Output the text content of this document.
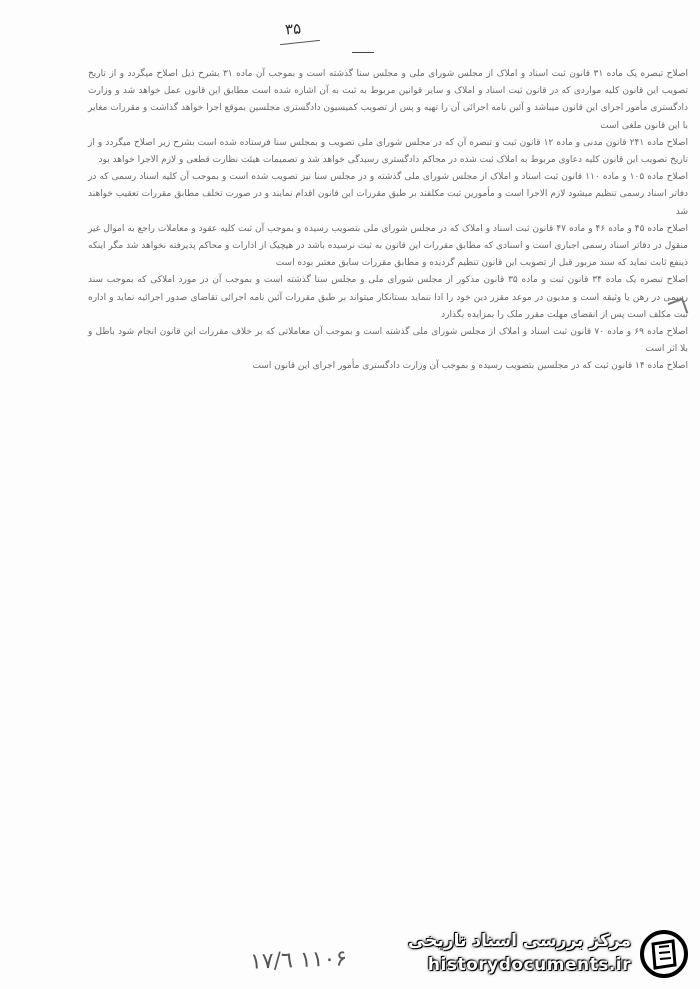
۳۵

اصلاح تبصره یک ماده ۳۱ قانون ثبت اسناد و املاک از مجلس شورای ملی و مجلس سنا گذشته است و بموجب آن ماده ۳۱ بشرح ذیل اصلاح میگردد و از تاریخ تصویب این قانون کلیه مواردی که در قانون ثبت اسناد و املاک و سایر قوانین مربوط به ثبت به آن اشاره شده است مطابق این قانون عمل خواهد شد و وزارت دادگستری مأمور اجرای این قانون میباشد و آئین نامه اجرائی آن را تهیه و پس از تصویب کمیسیون دادگستری مجلسین بموقع اجرا خواهد گذاشت و مقررات مغایر با این قانون ملغی است

اصلاح ماده ۲۴۱ قانون مدنی و ماده ۱۲ قانون ثبت و تبصره آن که در مجلس شورای ملی تصویب و بمجلس سنا فرستاده شده است بشرح زیر اصلاح میگردد و از تاریخ تصویب این قانون کلیه دعاوی مربوط به املاک ثبت شده در محاکم دادگستری رسیدگی خواهد شد و تصمیمات هیئت نظارت قطعی و لازم الاجرا خواهد بود

اصلاح ماده ۱۰۵ و ماده ۱۱۰ قانون ثبت اسناد و املاک از مجلس شورای ملی گذشته و در مجلس سنا نیز تصویب شده است و بموجب آن کلیه اسناد رسمی که در دفاتر اسناد رسمی تنظیم میشود لازم الاجرا است و مأمورین ثبت مکلفند بر طبق مقررات این قانون اقدام نمایند و در صورت تخلف مطابق مقررات تعقیب خواهند شد

اصلاح ماده ۴۵ و ماده ۴۶ و ماده ۴۷ قانون ثبت اسناد و املاک که در مجلس شورای ملی بتصویب رسیده و بموجب آن ثبت کلیه عقود و معاملات راجع به اموال غیر منقول در دفاتر اسناد رسمی اجباری است و اسنادی که مطابق مقررات این قانون به ثبت نرسیده باشد در هیچیک از ادارات و محاکم پذیرفته نخواهد شد مگر اینکه ذینفع ثابت نماید که سند مزبور قبل از تصویب این قانون تنظیم گردیده و مطابق مقررات سابق معتبر بوده است

اصلاح تبصره یک ماده ۳۴ قانون ثبت و ماده ۳۵ قانون مذکور از مجلس شورای ملی و مجلس سنا گذشته است و بموجب آن در مورد املاکی که بموجب سند رسمی در رهن یا وثیقه است و مدیون در موعد مقرر دین خود را ادا ننماید بستانکار میتواند بر طبق مقررات آئین نامه اجرائی تقاضای صدور اجرائیه نماید و اداره ثبت مکلف است پس از انقضای مهلت مقرر ملک را بمزایده بگذارد

اصلاح ماده ۶۹ و ماده ۷۰ قانون ثبت اسناد و املاک از مجلس شورای ملی گذشته است و بموجب آن معاملاتی که بر خلاف مقررات این قانون انجام شود باطل و بلا اثر است

اصلاح ماده ۱۴ قانون ثبت که در مجلسین بتصویب رسیده و بموجب آن وزارت دادگستری مأمور اجرای این قانون است

۱۷/٦ ۱۱۰۶
مرکز بررسی اسناد تاریخی
historydocuments.ir
